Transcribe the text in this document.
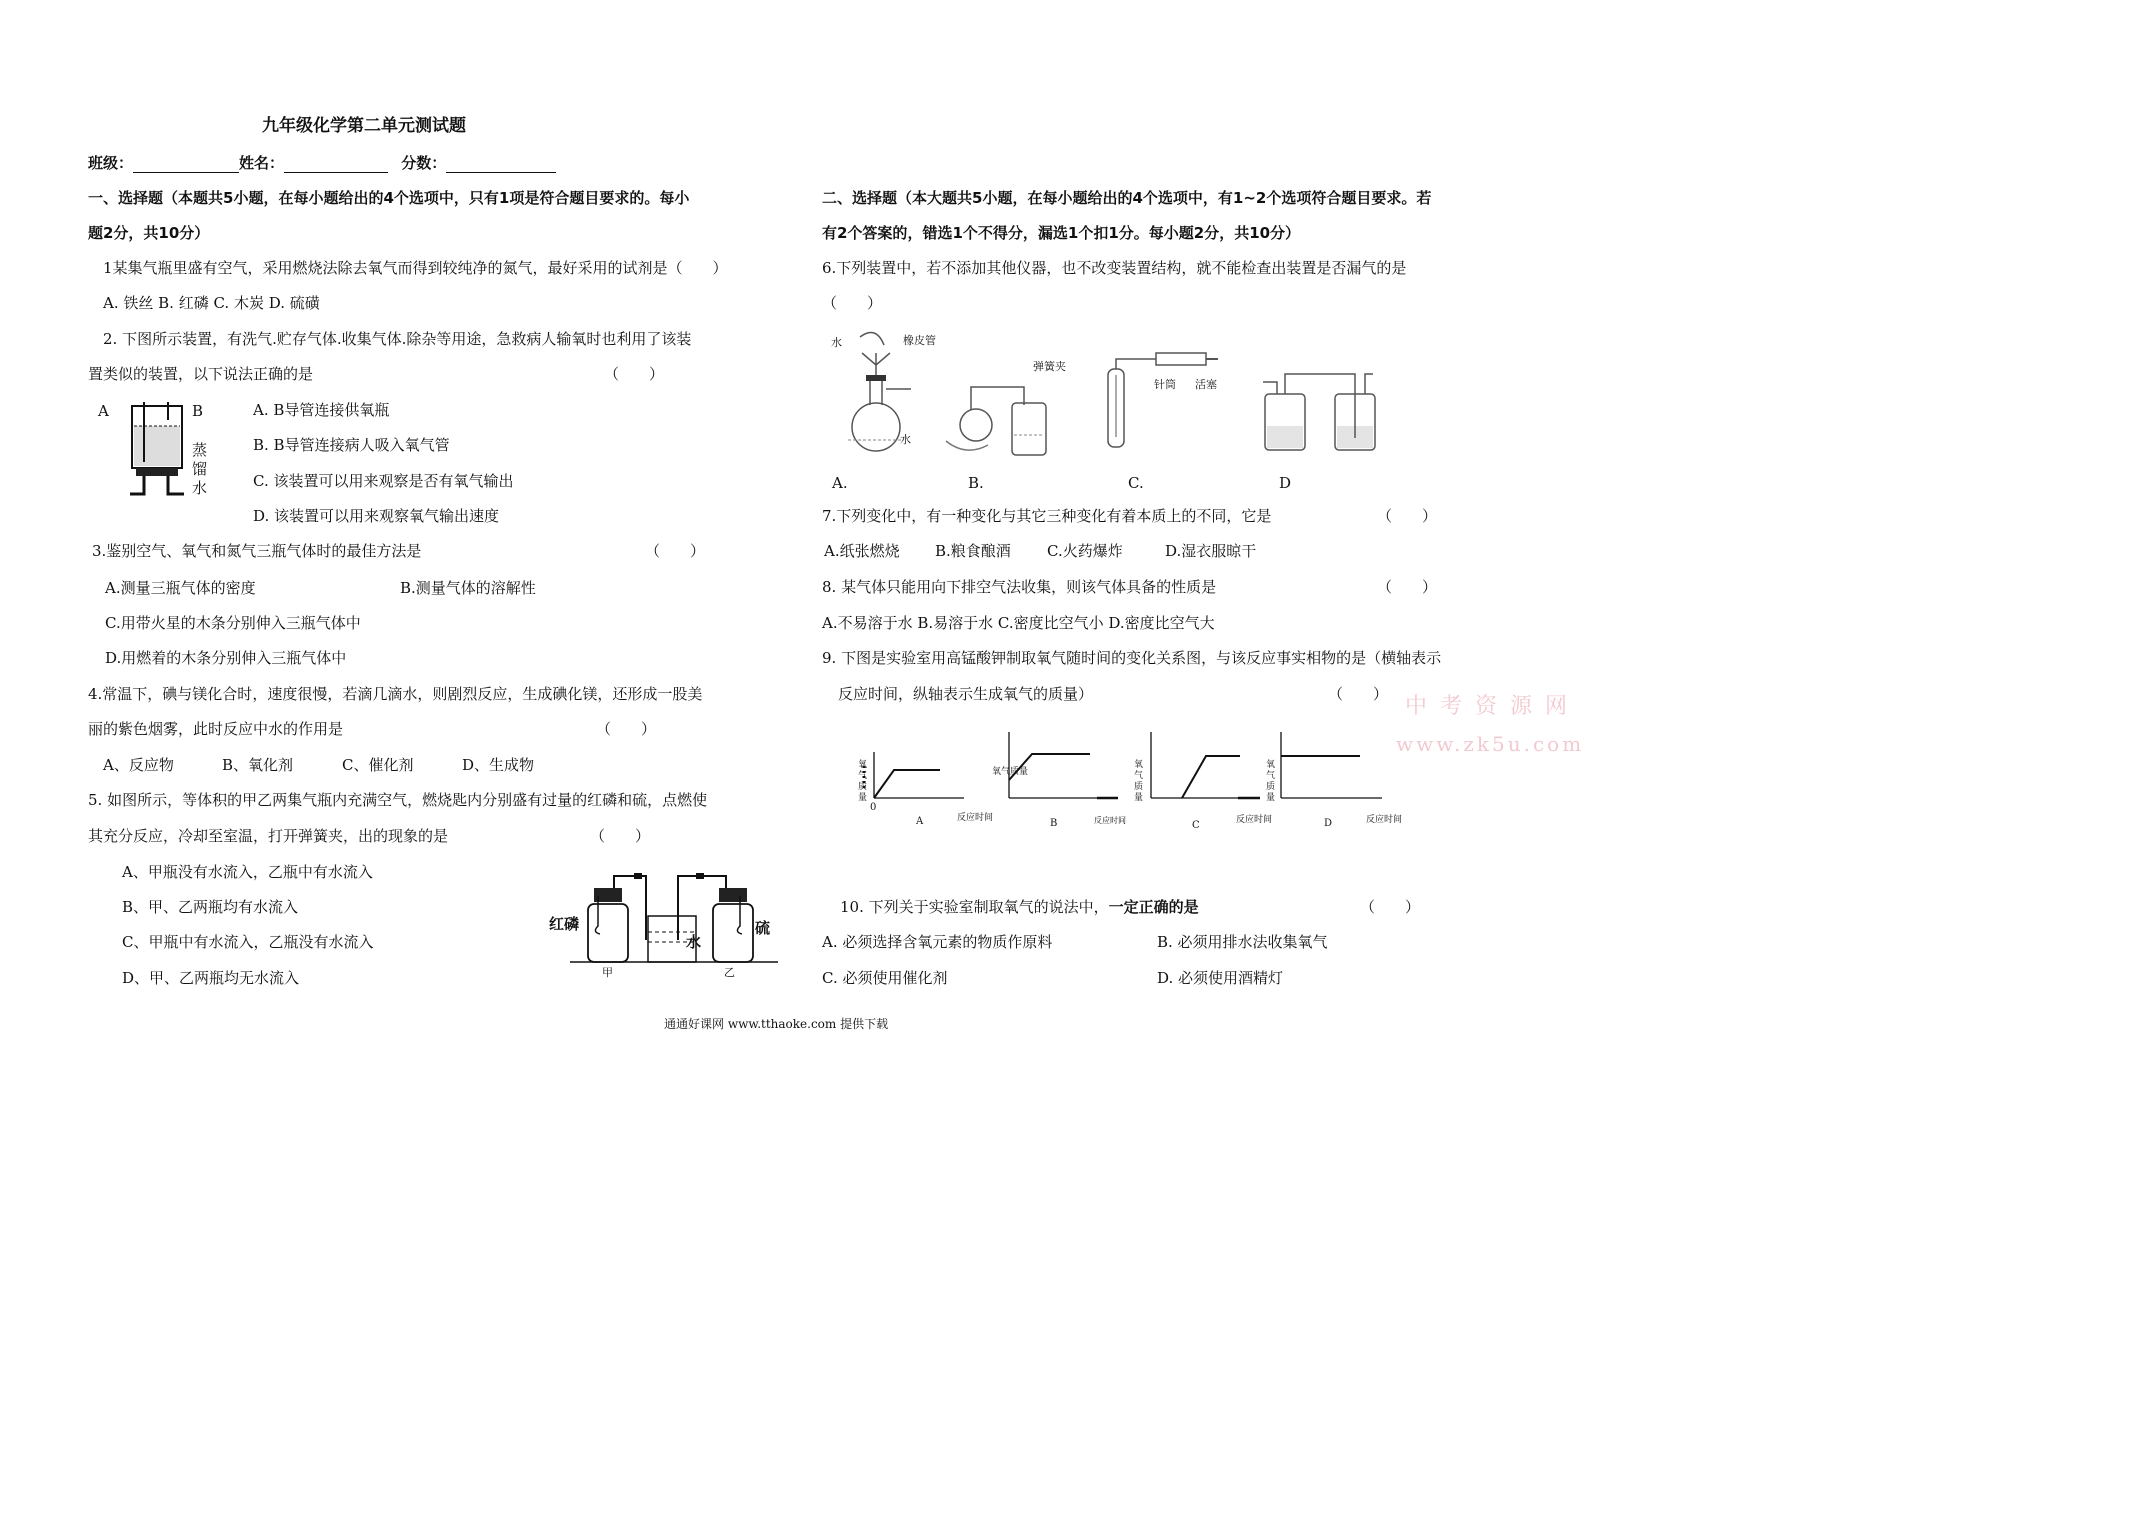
九年级化学第二单元测试题
班级：	姓名：	分数：
一、选择题（本题共5小题，在每小题给出的4个选项中，只有1项是符合题目要求的。每小
题2分，共10分）
1某集气瓶里盛有空气，采用燃烧法除去氧气而得到较纯净的氮气，最好采用的试剂是（　　）
A. 铁丝 B. 红磷 C. 木炭 D. 硫磺
2. 下图所示装置，有洗气.贮存气体.收集气体.除杂等用途，急救病人输氧时也利用了该装
置类似的装置，以下说法正确的是	（　　）
A	B
蒸
馏
水
A. B导管连接供氧瓶
B. B导管连接病人吸入氧气管
C. 该装置可以用来观察是否有氧气输出
D. 该装置可以用来观察氧气输出速度
3.鉴别空气、氧气和氮气三瓶气体时的最佳方法是	（　　）
A.测量三瓶气体的密度	B.测量气体的溶解性
C.用带火星的木条分别伸入三瓶气体中
D.用燃着的木条分别伸入三瓶气体中
4.常温下，碘与镁化合时，速度很慢，若滴几滴水，则剧烈反应，生成碘化镁，还形成一股美
丽的紫色烟雾，此时反应中水的作用是	（　　）
A、反应物	B、氧化剂	C、催化剂	D、生成物
5. 如图所示，等体积的甲乙两集气瓶内充满空气，燃烧匙内分别盛有过量的红磷和硫，点燃使
其充分反应，冷却至室温，打开弹簧夹，出的现象的是	（　　）
A、甲瓶没有水流入，乙瓶中有水流入
B、甲、乙两瓶均有水流入
C、甲瓶中有水流入，乙瓶没有水流入
D、甲、乙两瓶均无水流入
红磷	硫
水
甲	乙
二、选择题（本大题共5小题，在每小题给出的4个选项中，有1~2个选项符合题目要求。若
有2个答案的，错选1个不得分，漏选1个扣1分。每小题2分，共10分）
6.下列装置中，若不添加其他仪器，也不改变装置结构，就不能检查出装置是否漏气的是
（　　）
水	橡皮管
水
弹簧夹
针筒 活塞
A.	B.	C.	D
7.下列变化中，有一种变化与其它三种变化有着本质上的不同，它是	（　　）
A.纸张燃烧 B.粮食酿酒 C.火药爆炸	D.湿衣服晾干
8. 某气体只能用向下排空气法收集，则该气体具备的性质是	（　　）
A.不易溶于水 B.易溶于水 C.密度比空气小 D.密度比空气大
9. 下图是实验室用高锰酸钾制取氧气随时间的变化关系图，与该反应事实相物的是（横轴表示
反应时间，纵轴表示生成氧气的质量）	（　　）
氧气质量
0
A	反应时间
氧气质量
B	反应时间
氧气质量
C	反应时间
氧气质量
D	反应时间
中 考 资 源 网
www.zk5u.com
10. 下列关于实验室制取氧气的说法中，一定正确的是	（　　）
A. 必须选择含氧元素的物质作原料	B. 必须用排水法收集氧气
C. 必须使用催化剂	D. 必须使用酒精灯
通通好课网 www.tthaoke.com 提供下载
